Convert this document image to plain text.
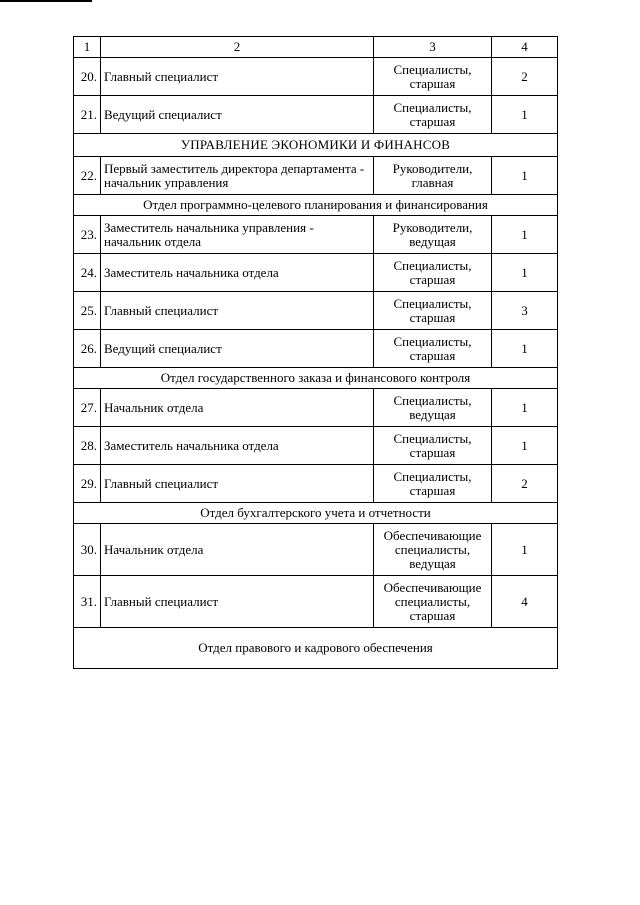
1	2	3	4
20.	Главный специалист	Специалисты,
старшая	2
21.	Ведущий специалист	Специалисты,
старшая	1
УПРАВЛЕНИЕ ЭКОНОМИКИ И ФИНАНСОВ			
22.	Первый заместитель директора департамента - начальник управления	Руководители,
главная	1
Отдел программно-целевого планирования и финансирования			
23.	Заместитель начальника управления - начальник отдела	Руководители,
ведущая	1
24.	Заместитель начальника отдела	Специалисты,
старшая	1
25.	Главный специалист	Специалисты,
старшая	3
26.	Ведущий специалист	Специалисты,
старшая	1
Отдел государственного заказа и финансового контроля			
27.	Начальник отдела	Специалисты,
ведущая	1
28.	Заместитель начальника отдела	Специалисты,
старшая	1
29.	Главный специалист	Специалисты,
старшая	2
Отдел бухгалтерского учета и отчетности			
30.	Начальник отдела	Обеспечивающие
специалисты,
ведущая	1
31.	Главный специалист	Обеспечивающие
специалисты,
старшая	4
Отдел правового и кадрового обеспечения			
